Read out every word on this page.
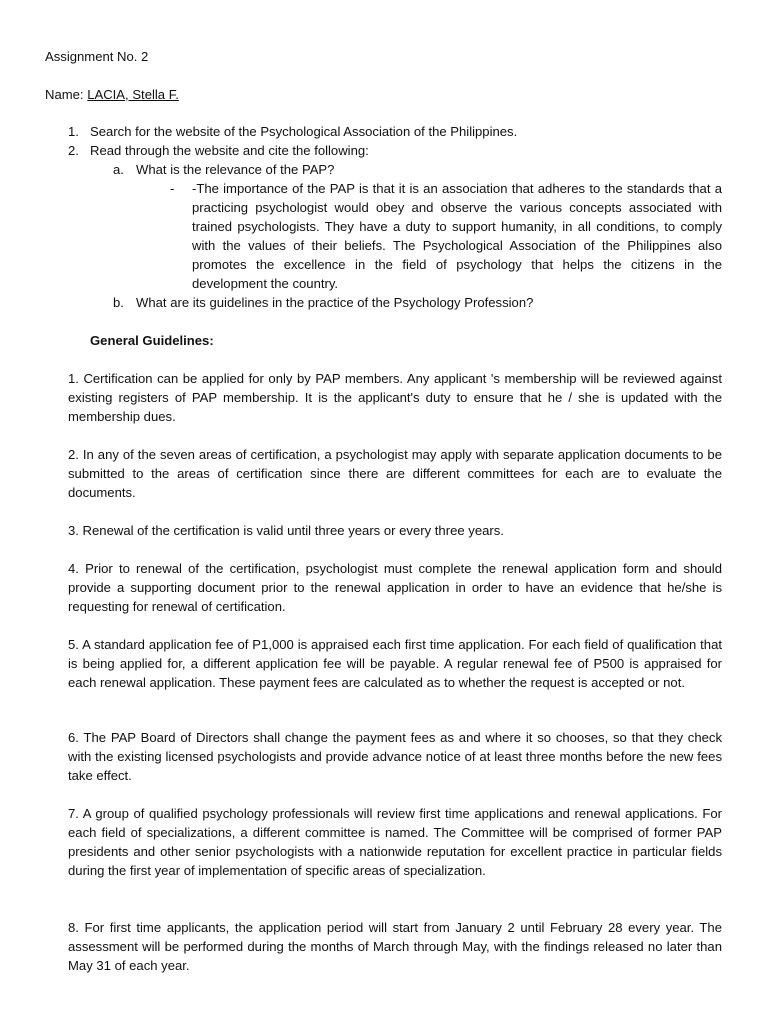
Assignment No. 2
Name: LACIA, Stella F.
1. Search for the website of the Psychological Association of the Philippines.
2. Read through the website and cite the following:
a. What is the relevance of the PAP?
- -The importance of the PAP is that it is an association that adheres to the standards that a practicing psychologist would obey and observe the various concepts associated with trained psychologists. They have a duty to support humanity, in all conditions, to comply with the values of their beliefs. The Psychological Association of the Philippines also promotes the excellence in the field of psychology that helps the citizens in the development the country.
b. What are its guidelines in the practice of the Psychology Profession?
General Guidelines:
1. Certification can be applied for only by PAP members. Any applicant 's membership will be reviewed against existing registers of PAP membership. It is the applicant's duty to ensure that he / she is updated with the membership dues.
2. In any of the seven areas of certification, a psychologist may apply with separate application documents to be submitted to the areas of certification since there are different committees for each are to evaluate the documents.
3. Renewal of the certification is valid until three years or every three years.
4. Prior to renewal of the certification, psychologist must complete the renewal application form and should provide a supporting document prior to the renewal application in order to have an evidence that he/she is requesting for renewal of certification.
5. A standard application fee of P1,000 is appraised each first time application. For each field of qualification that is being applied for, a different application fee will be payable. A regular renewal fee of P500 is appraised for each renewal application. These payment fees are calculated as to whether the request is accepted or not.
6. The PAP Board of Directors shall change the payment fees as and where it so chooses, so that they check with the existing licensed psychologists and provide advance notice of at least three months before the new fees take effect.
7. A group of qualified psychology professionals will review first time applications and renewal applications. For each field of specializations, a different committee is named. The Committee will be comprised of former PAP presidents and other senior psychologists with a nationwide reputation for excellent practice in particular fields during the first year of implementation of specific areas of specialization.
8. For first time applicants, the application period will start from January 2 until February 28 every year. The assessment will be performed during the months of March through May, with the findings released no later than May 31 of each year.
